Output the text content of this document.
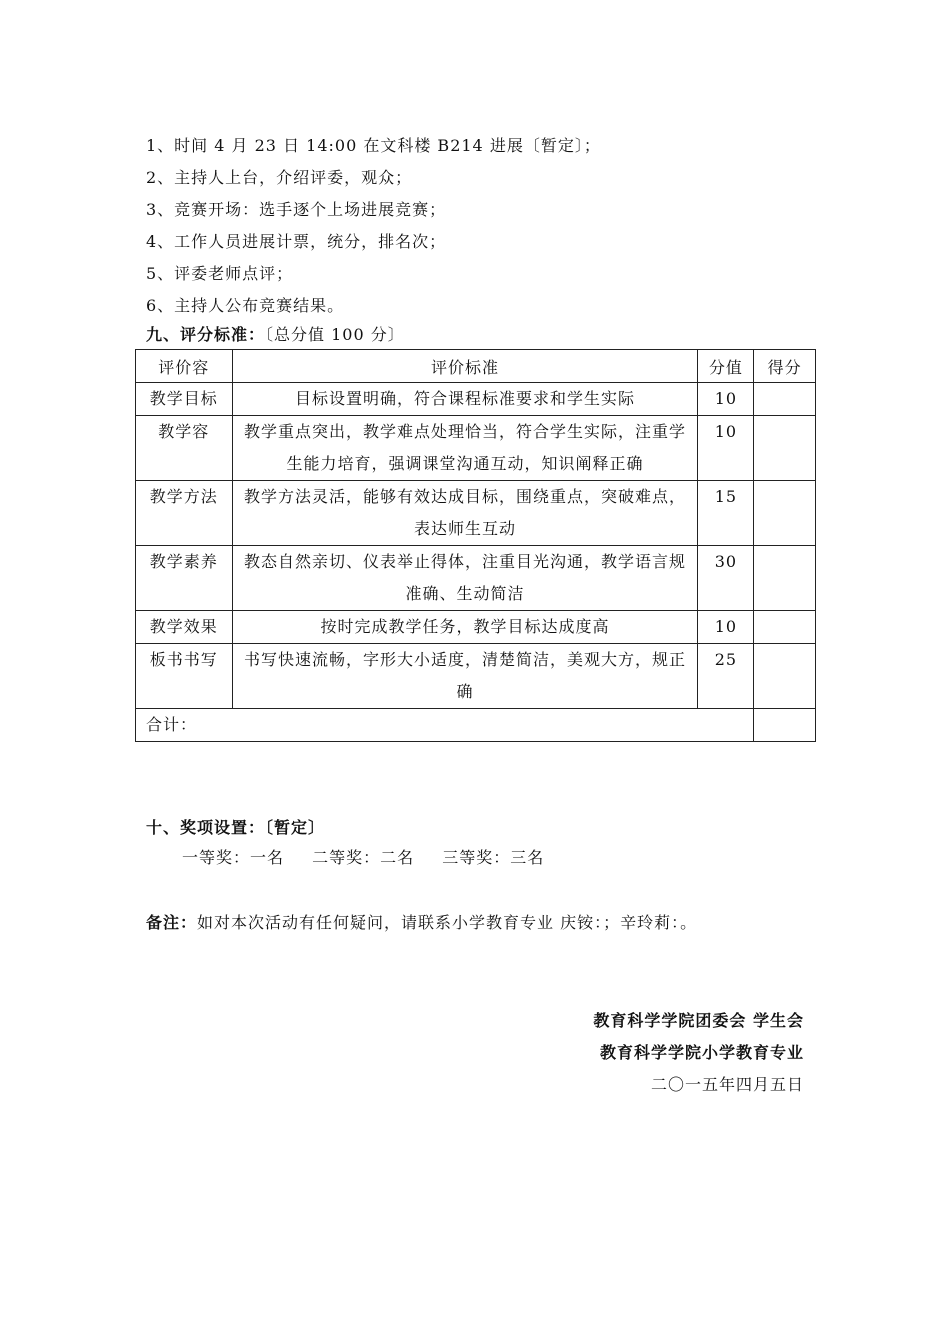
1、时间 4 月 23 日 14:00 在文科楼 B214 进展〔暂定〕；
2、主持人上台，介绍评委，观众；
3、竞赛开场：选手逐个上场进展竞赛；
4、工作人员进展计票，统分，排名次；
5、评委老师点评；
6、主持人公布竞赛结果。
九、评分标准：〔总分值 100 分〕
评价容	评价标准	分值	得分
教学目标	目标设置明确，符合课程标准要求和学生实际	10	
教学容	教学重点突出，教学难点处理恰当，符合学生实际，注重学生能力培育，强调课堂沟通互动，知识阐释正确	10	
教学方法	教学方法灵活，能够有效达成目标，围绕重点，突破难点，表达师生互动	15	
教学素养	教态自然亲切、仪表举止得体，注重目光沟通，教学语言规准确、生动简洁	30	
教学效果	按时完成教学任务，教学目标达成度高	10	
板书书写	书写快速流畅，字形大小适度，清楚简洁，美观大方，规正确	25	
合计：			
十、奖项设置：〔暂定〕
一等奖：一名 二等奖：二名 三等奖：三名
备注：如对本次活动有任何疑问，请联系小学教育专业 庆铵：；辛玲莉：。
教育科学学院团委会 学生会
教育科学学院小学教育专业
二〇一五年四月五日
